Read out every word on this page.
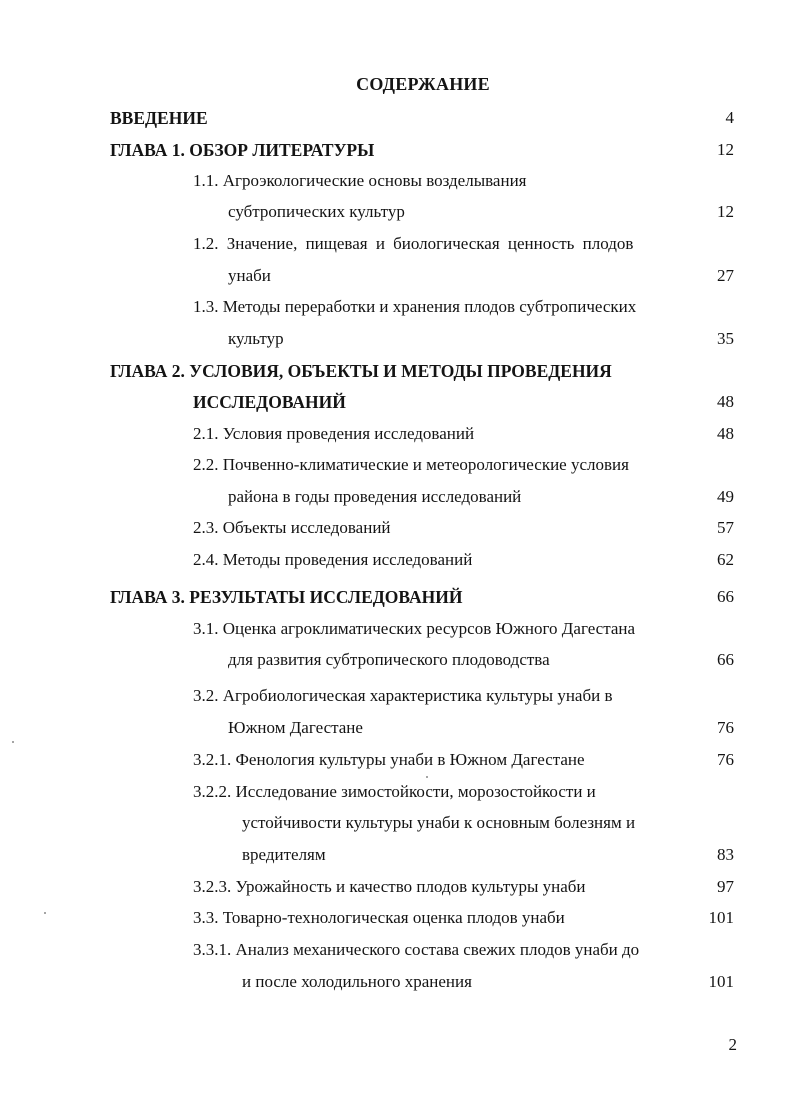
СОДЕРЖАНИЕ
ВВЕДЕНИЕ	4
ГЛАВА 1. ОБЗОР ЛИТЕРАТУРЫ	12
1.1. Агроэкологические основы возделывания
субтропических культур	12
1.2. Значение, пищевая и биологическая ценность плодов
унаби	27
1.3. Методы переработки и хранения плодов субтропических
культур	35
ГЛАВА 2. УСЛОВИЯ, ОБЪЕКТЫ И МЕТОДЫ ПРОВЕДЕНИЯ
ИССЛЕДОВАНИЙ	48
2.1. Условия проведения исследований	48
2.2. Почвенно-климатические и метеорологические условия
района в годы проведения исследований	49
2.3. Объекты исследований	57
2.4. Методы проведения исследований	62
ГЛАВА 3. РЕЗУЛЬТАТЫ ИССЛЕДОВАНИЙ	66
3.1. Оценка агроклиматических ресурсов Южного Дагестана
для развития субтропического плодоводства	66
3.2. Агробиологическая характеристика культуры унаби в
Южном Дагестане	76
3.2.1. Фенология культуры унаби в Южном Дагестане	76
3.2.2. Исследование зимостойкости, морозостойкости и
устойчивости культуры унаби к основным болезням и
вредителям	83
3.2.3. Урожайность и качество плодов культуры унаби	97
3.3. Товарно-технологическая оценка плодов унаби	101
3.3.1. Анализ механического состава свежих плодов унаби до
и после холодильного хранения	101
2
